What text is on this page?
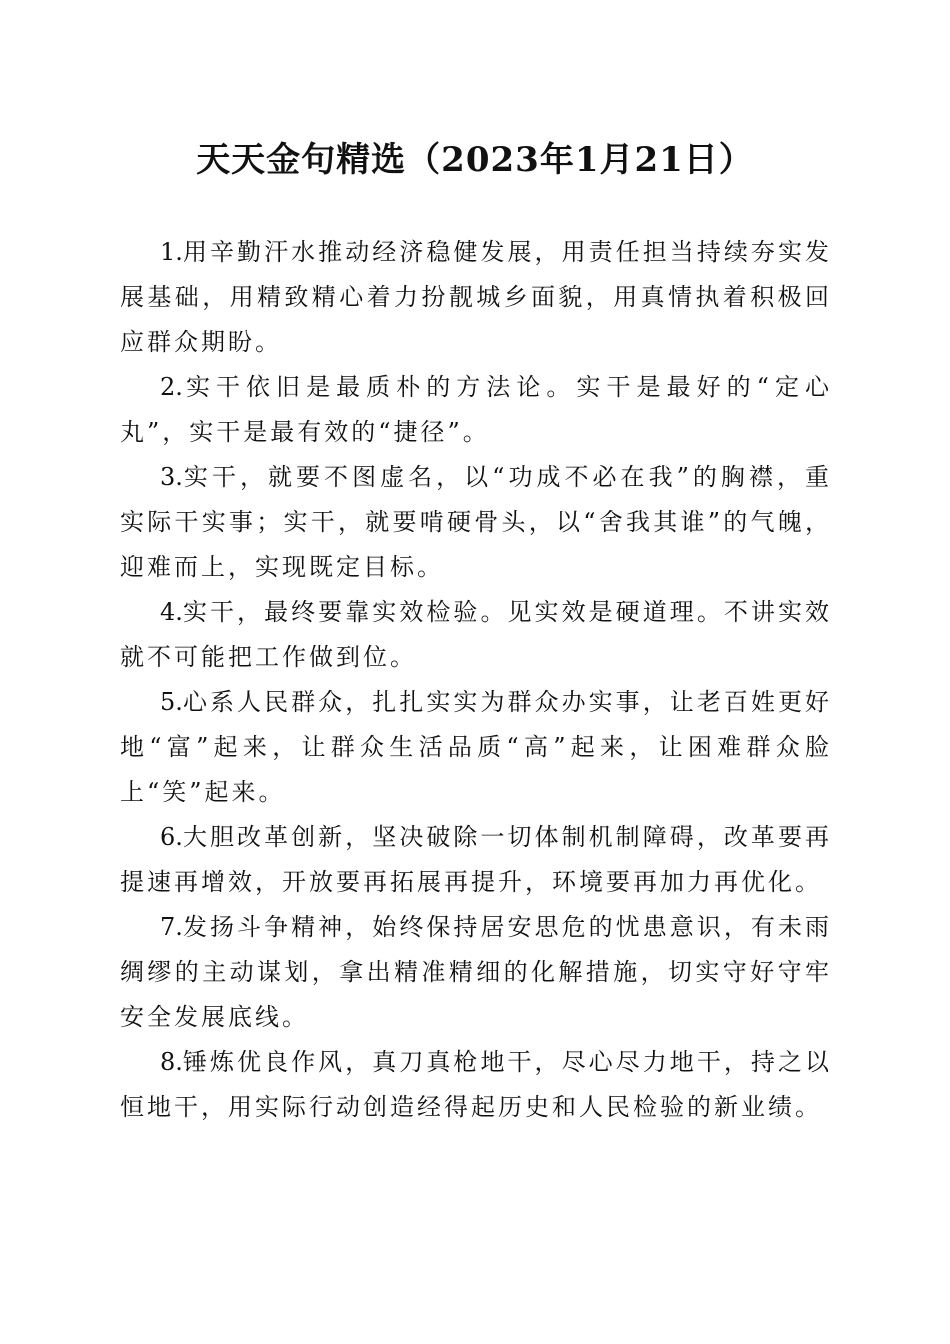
天天金句精选（2023年1月21日）

1.用辛勤汗水推动经济稳健发展，用责任担当持续夯实发展基础，用精致精心着力扮靓城乡面貌，用真情执着积极回应群众期盼。

2.实干依旧是最质朴的方法论。实干是最好的“定心丸”，实干是最有效的“捷径”。

3.实干，就要不图虚名，以“功成不必在我”的胸襟，重实际干实事；实干，就要啃硬骨头，以“舍我其谁”的气魄，迎难而上，实现既定目标。

4.实干，最终要靠实效检验。见实效是硬道理。不讲实效就不可能把工作做到位。

5.心系人民群众，扎扎实实为群众办实事，让老百姓更好地“富”起来，让群众生活品质“高”起来，让困难群众脸上“笑”起来。

6.大胆改革创新，坚决破除一切体制机制障碍，改革要再提速再增效，开放要再拓展再提升，环境要再加力再优化。

7.发扬斗争精神，始终保持居安思危的忧患意识，有未雨绸缪的主动谋划，拿出精准精细的化解措施，切实守好守牢安全发展底线。

8.锤炼优良作风，真刀真枪地干，尽心尽力地干，持之以恒地干，用实际行动创造经得起历史和人民检验的新业绩。
